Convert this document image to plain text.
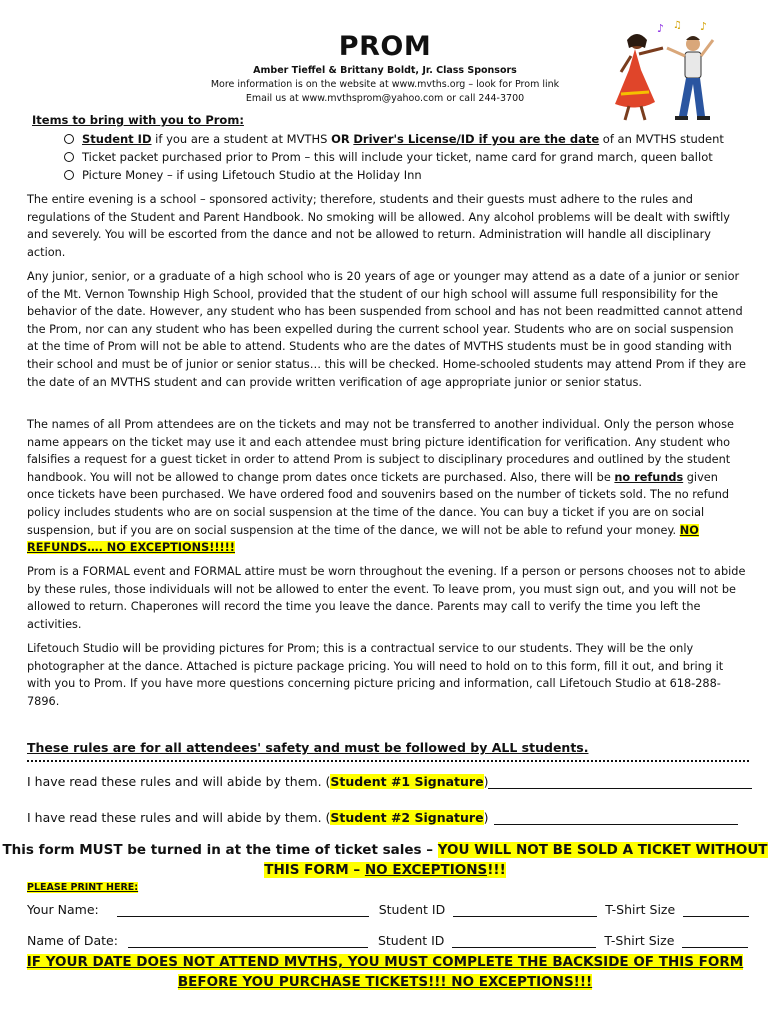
PROM
Amber Tieffel & Brittany Boldt, Jr. Class Sponsors
More information is on the website at www.mvths.org – look for Prom link
Email us at www.mvthsprom@yahoo.com or call 244-3700
♪ ♫ ♪
Items to bring with you to Prom:
Student ID if you are a student at MVTHS OR Driver's License/ID if you are the date of an MVTHS student
Ticket packet purchased prior to Prom – this will include your ticket, name card for grand march, queen ballot
Picture Money – if using Lifetouch Studio at the Holiday Inn

The entire evening is a school – sponsored activity; therefore, students and their guests must adhere to the rules and regulations of the Student and Parent Handbook. No smoking will be allowed. Any alcohol problems will be dealt with swiftly and severely. You will be escorted from the dance and not be allowed to return. Administration will handle all disciplinary action.

Any junior, senior, or a graduate of a high school who is 20 years of age or younger may attend as a date of a junior or senior of the Mt. Vernon Township High School, provided that the student of our high school will assume full responsibility for the behavior of the date. However, any student who has been suspended from school and has not been readmitted cannot attend the Prom, nor can any student who has been expelled during the current school year. Students who are on social suspension at the time of Prom will not be able to attend. Students who are the dates of MVTHS students must be in good standing with their school and must be of junior or senior status… this will be checked. Home-schooled students may attend Prom if they are the date of an MVTHS student and can provide written verification of age appropriate junior or senior status.

The names of all Prom attendees are on the tickets and may not be transferred to another individual. Only the person whose name appears on the ticket may use it and each attendee must bring picture identification for verification. Any student who falsifies a request for a guest ticket in order to attend Prom is subject to disciplinary procedures and outlined by the student handbook. You will not be allowed to change prom dates once tickets are purchased. Also, there will be no refunds given once tickets have been purchased. We have ordered food and souvenirs based on the number of tickets sold. The no refund policy includes students who are on social suspension at the time of the dance. You can buy a ticket if you are on social suspension, but if you are on social suspension at the time of the dance, we will not be able to refund your money. NO REFUNDS…. NO EXCEPTIONS!!!!!

Prom is a FORMAL event and FORMAL attire must be worn throughout the evening. If a person or persons chooses not to abide by these rules, those individuals will not be allowed to enter the event. To leave prom, you must sign out, and you will not be allowed to return. Chaperones will record the time you leave the dance. Parents may call to verify the time you left the activities.

Lifetouch Studio will be providing pictures for Prom; this is a contractual service to our students. They will be the only photographer at the dance. Attached is picture package pricing. You will need to hold on to this form, fill it out, and bring it with you to Prom. If you have more questions concerning picture pricing and information, call Lifetouch Studio at 618-288-7896.

These rules are for all attendees' safety and must be followed by ALL students.
I have read these rules and will abide by them. (Student #1 Signature)
I have read these rules and will abide by them. (Student #2 Signature)
This form MUST be turned in at the time of ticket sales – YOU WILL NOT BE SOLD A TICKET WITHOUT
THIS FORM – NO EXCEPTIONS!!!
PLEASE PRINT HERE:
Your Name:	Student ID	T-Shirt Size
Name of Date:	Student ID	T-Shirt Size
IF YOUR DATE DOES NOT ATTEND MVTHS, YOU MUST COMPLETE THE BACKSIDE OF THIS FORM
BEFORE YOU PURCHASE TICKETS!!! NO EXCEPTIONS!!!
